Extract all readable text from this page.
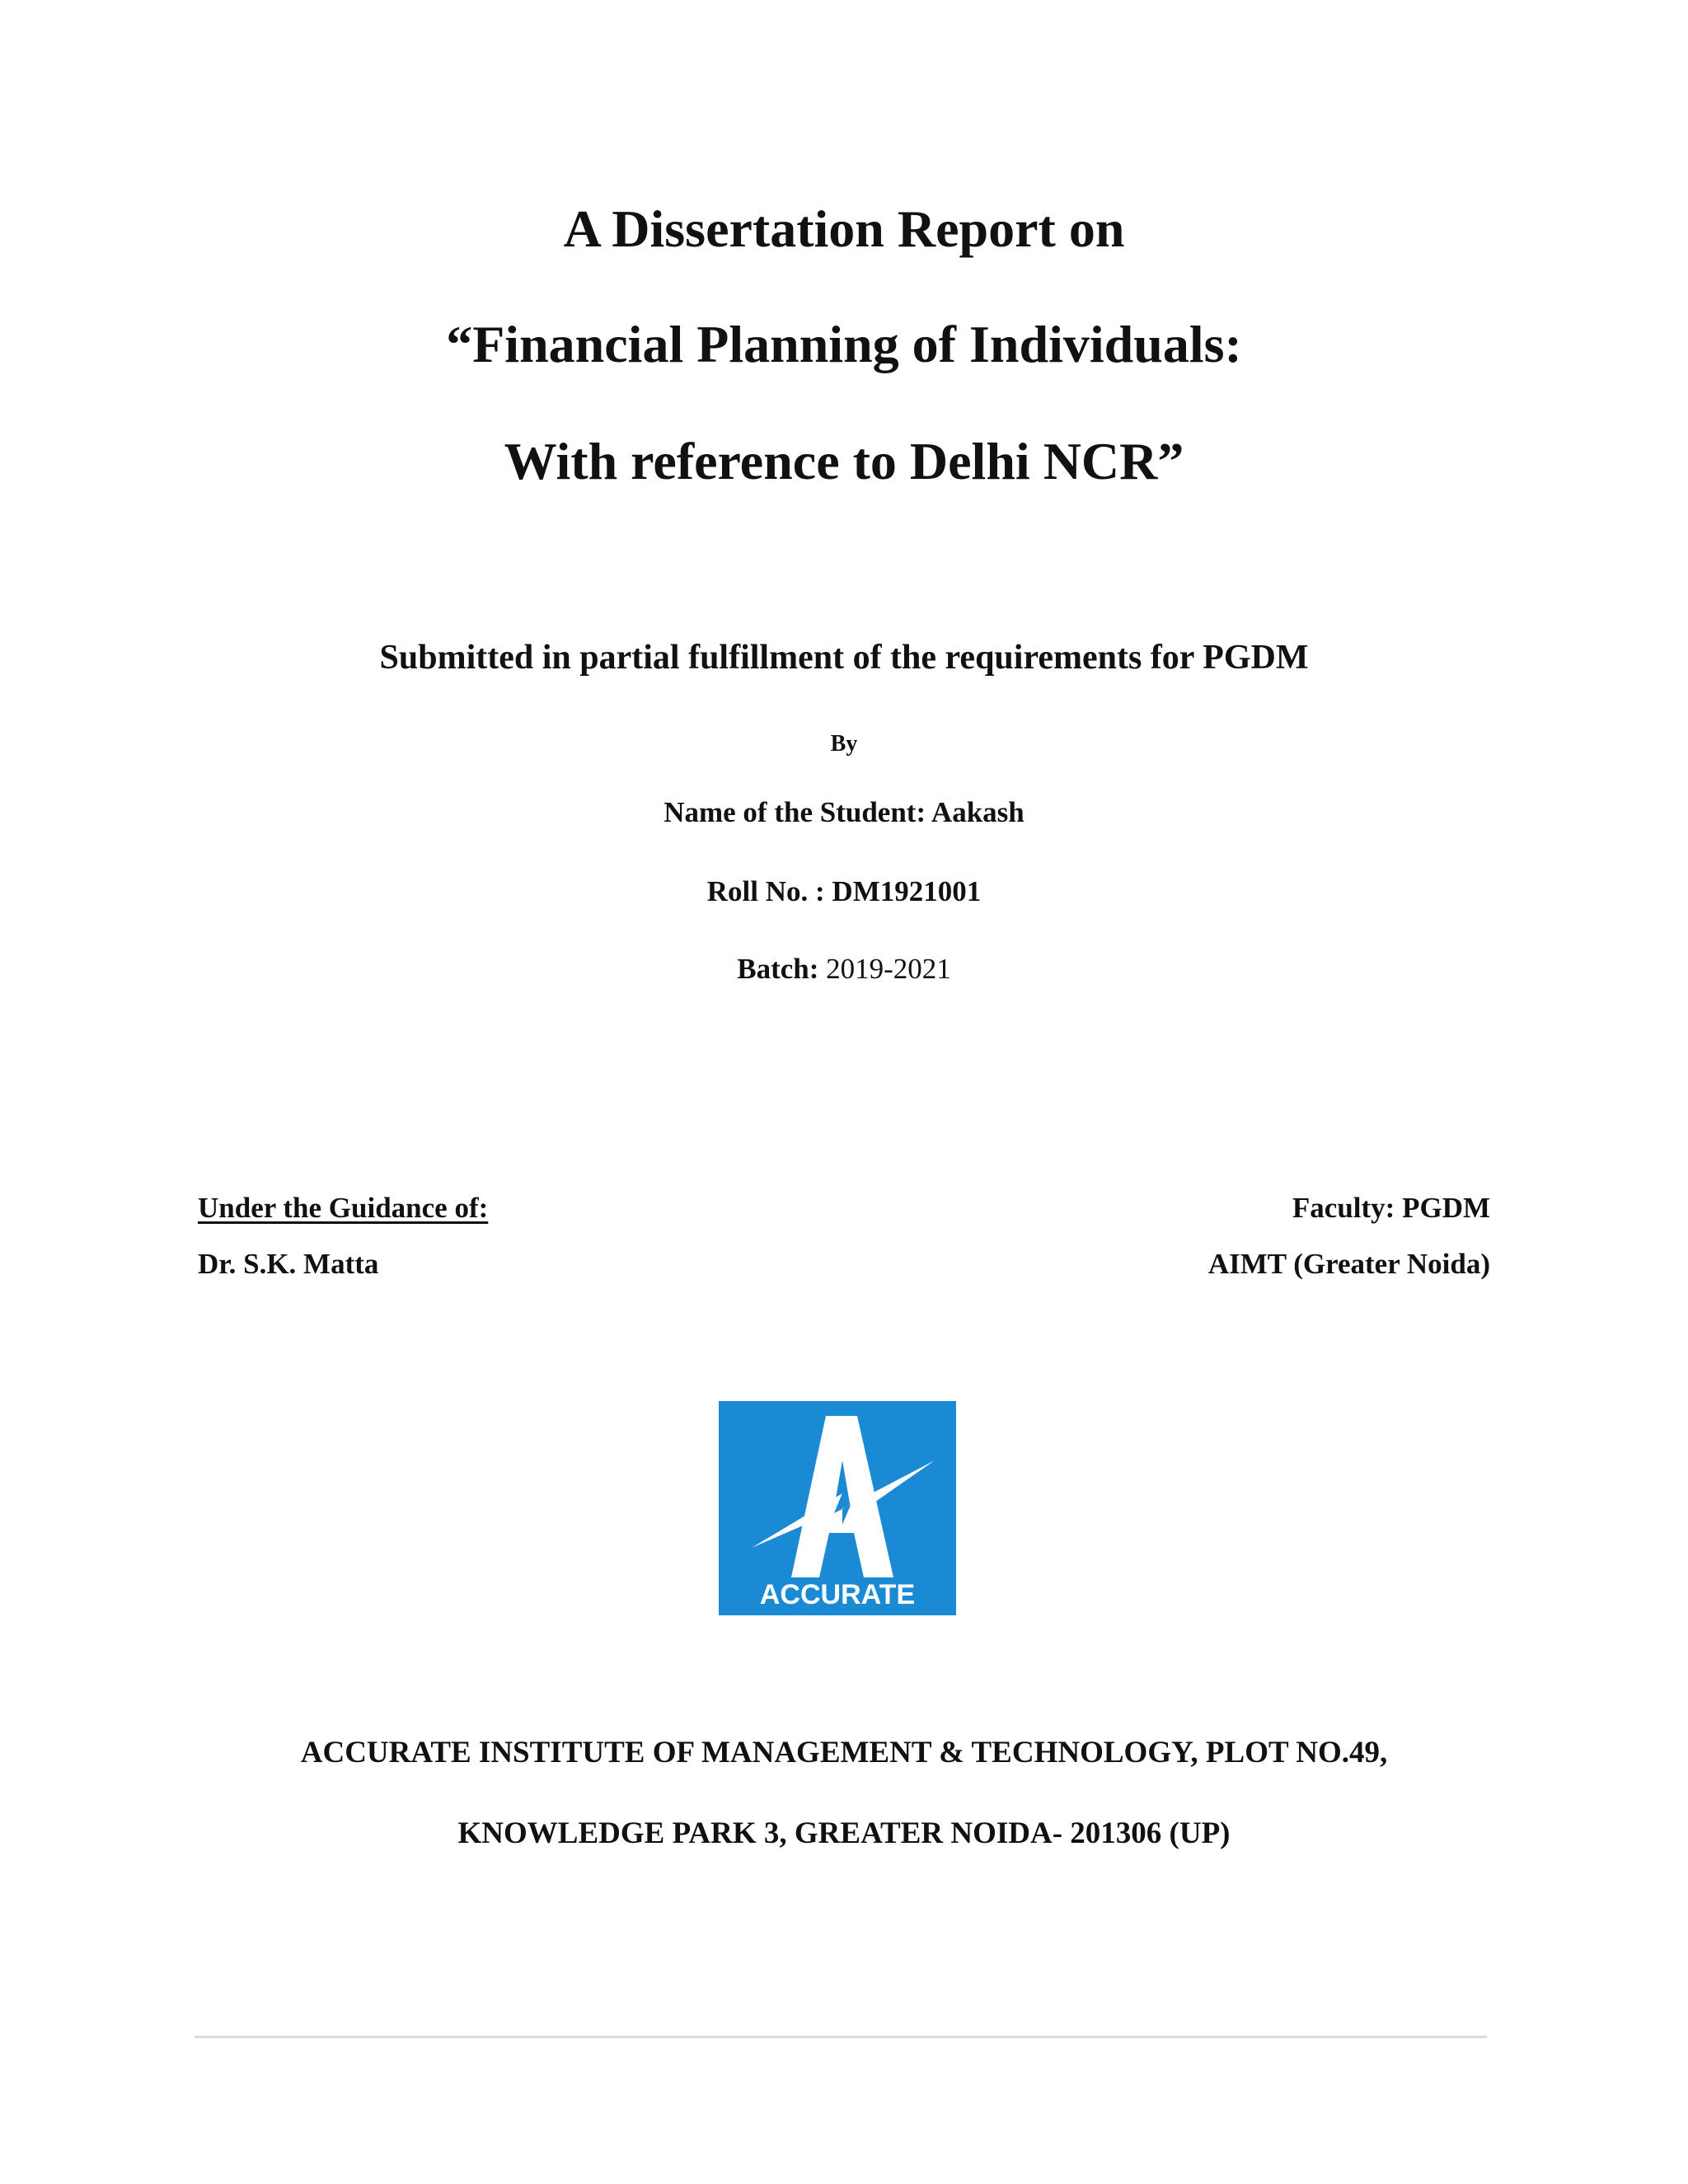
A Dissertation Report on
“Financial Planning of Individuals:
With reference to Delhi NCR”
Submitted in partial fulfillment of the requirements for PGDM
By
Name of the Student: Aakash
Roll No. : DM1921001
Batch: 2019-2021
Under the Guidance of:
Dr. S.K. Matta
Faculty: PGDM
AIMT (Greater Noida)
ACCURATE
ACCURATE INSTITUTE OF MANAGEMENT & TECHNOLOGY, PLOT NO.49,
KNOWLEDGE PARK 3, GREATER NOIDA- 201306 (UP)
